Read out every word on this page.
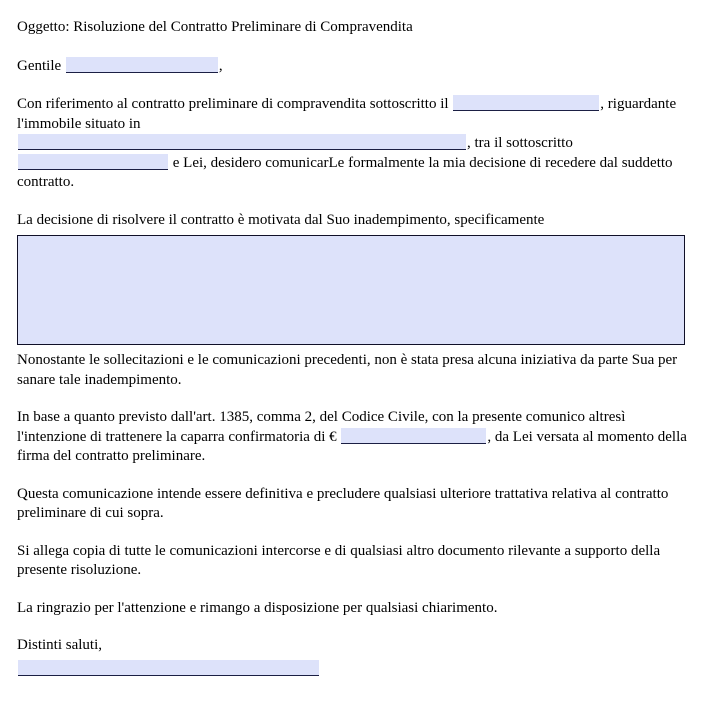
Oggetto: Risoluzione del Contratto Preliminare di Compravendita

Gentile	,

Con riferimento al contratto preliminare di compravendita sottoscritto il	, riguardante l'immobile situato in
, tra il sottoscritto
e Lei, desidero comunicarLe formalmente la mia decisione di recedere dal suddetto contratto.

La decisione di risolvere il contratto è motivata dal Suo inadempimento, specificamente

Nonostante le sollecitazioni e le comunicazioni precedenti, non è stata presa alcuna iniziativa da parte Sua per sanare tale inadempimento.

In base a quanto previsto dall'art. 1385, comma 2, del Codice Civile, con la presente comunico altresì l'intenzione di trattenere la caparra confirmatoria di €	, da Lei versata al momento della firma del contratto preliminare.

Questa comunicazione intende essere definitiva e precludere qualsiasi ulteriore trattativa relativa al contratto preliminare di cui sopra.

Si allega copia di tutte le comunicazioni intercorse e di qualsiasi altro documento rilevante a supporto della presente risoluzione.

La ringrazio per l'attenzione e rimango a disposizione per qualsiasi chiarimento.

Distinti saluti,
